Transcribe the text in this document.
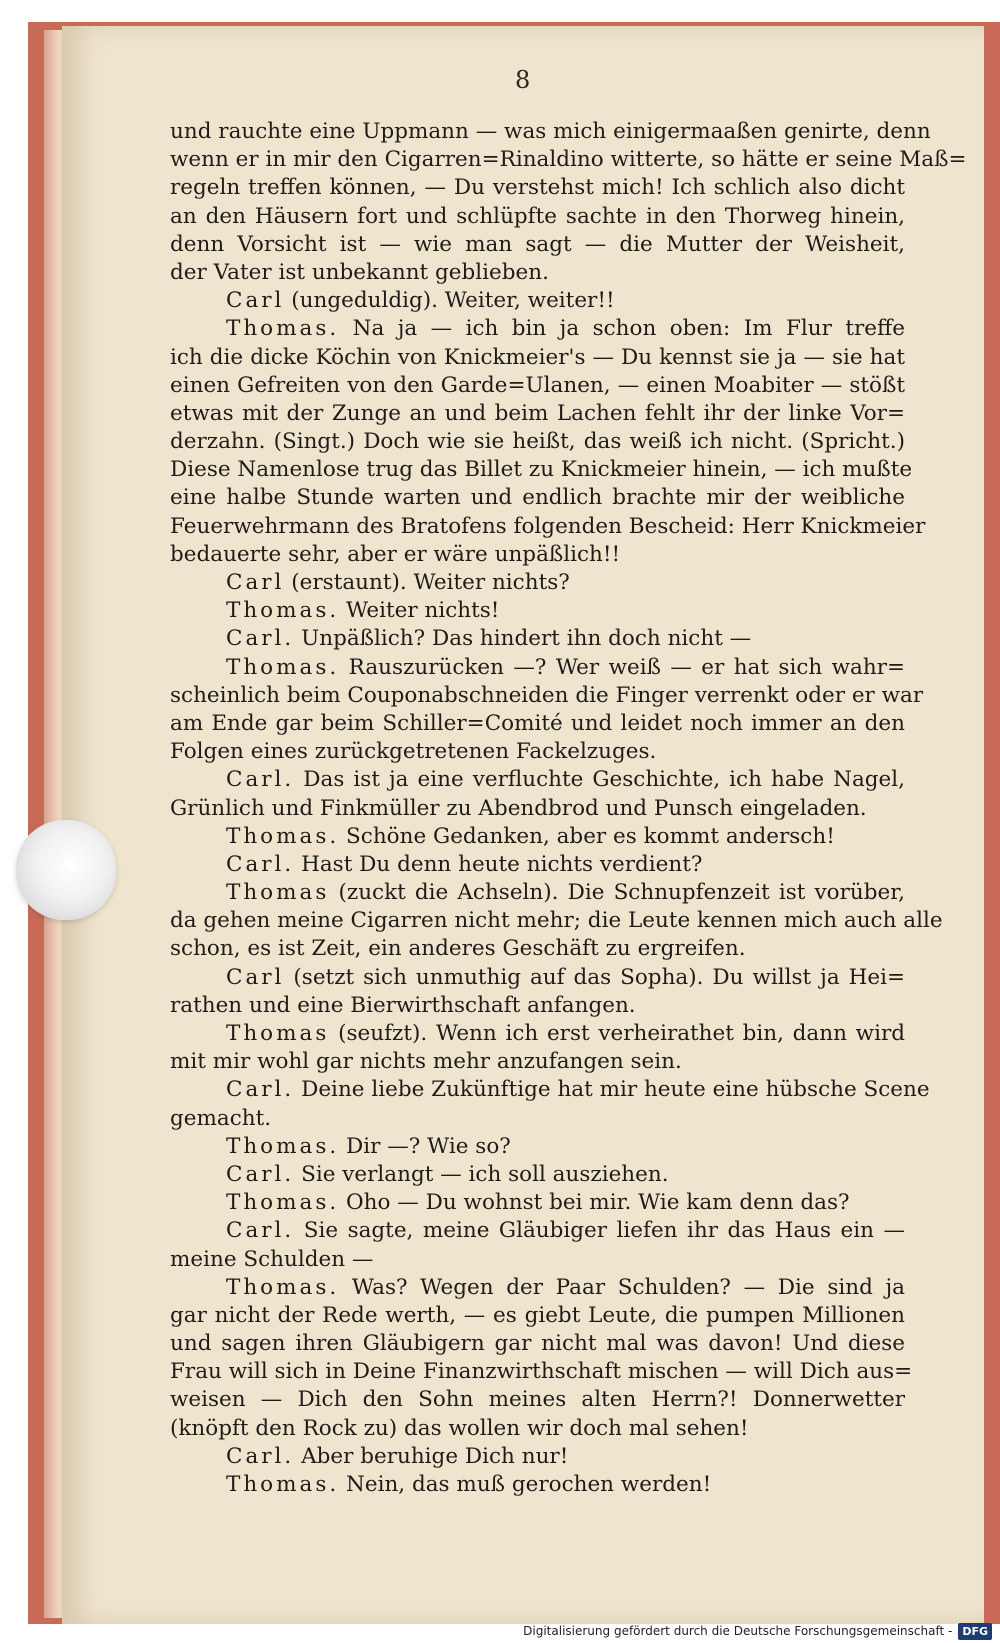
8
und rauchte eine Uppmann — was mich einigermaaßen genirte, denn
wenn er in mir den Cigarren=Rinaldino witterte, so hätte er seine Maß=
regeln treffen können, — Du verstehst mich! Ich schlich also dicht
an den Häusern fort und schlüpfte sachte in den Thorweg hinein,
denn Vorsicht ist — wie man sagt — die Mutter der Weisheit,
der Vater ist unbekannt geblieben.
Carl (ungeduldig). Weiter, weiter!!
Thomas. Na ja — ich bin ja schon oben: Im Flur treffe
ich die dicke Köchin von Knickmeier's — Du kennst sie ja — sie hat
einen Gefreiten von den Garde=Ulanen, — einen Moabiter — stößt
etwas mit der Zunge an und beim Lachen fehlt ihr der linke Vor=
derzahn. (Singt.) Doch wie sie heißt, das weiß ich nicht. (Spricht.)
Diese Namenlose trug das Billet zu Knickmeier hinein, — ich mußte
eine halbe Stunde warten und endlich brachte mir der weibliche
Feuerwehrmann des Bratofens folgenden Bescheid: Herr Knickmeier
bedauerte sehr, aber er wäre unpäßlich!!
Carl (erstaunt). Weiter nichts?
Thomas. Weiter nichts!
Carl. Unpäßlich? Das hindert ihn doch nicht —
Thomas. Rauszurücken —? Wer weiß — er hat sich wahr=
scheinlich beim Couponabschneiden die Finger verrenkt oder er war
am Ende gar beim Schiller=Comité und leidet noch immer an den
Folgen eines zurückgetretenen Fackelzuges.
Carl. Das ist ja eine verfluchte Geschichte, ich habe Nagel,
Grünlich und Finkmüller zu Abendbrod und Punsch eingeladen.
Thomas. Schöne Gedanken, aber es kommt andersch!
Carl. Hast Du denn heute nichts verdient?
Thomas (zuckt die Achseln). Die Schnupfenzeit ist vorüber,
da gehen meine Cigarren nicht mehr; die Leute kennen mich auch alle
schon, es ist Zeit, ein anderes Geschäft zu ergreifen.
Carl (setzt sich unmuthig auf das Sopha). Du willst ja Hei=
rathen und eine Bierwirthschaft anfangen.
Thomas (seufzt). Wenn ich erst verheirathet bin, dann wird
mit mir wohl gar nichts mehr anzufangen sein.
Carl. Deine liebe Zukünftige hat mir heute eine hübsche Scene
gemacht.
Thomas. Dir —? Wie so?
Carl. Sie verlangt — ich soll ausziehen.
Thomas. Oho — Du wohnst bei mir. Wie kam denn das?
Carl. Sie sagte, meine Gläubiger liefen ihr das Haus ein —
meine Schulden —
Thomas. Was? Wegen der Paar Schulden? — Die sind ja
gar nicht der Rede werth, — es giebt Leute, die pumpen Millionen
und sagen ihren Gläubigern gar nicht mal was davon! Und diese
Frau will sich in Deine Finanzwirthschaft mischen — will Dich aus=
weisen — Dich den Sohn meines alten Herrn?! Donnerwetter
(knöpft den Rock zu) das wollen wir doch mal sehen!
Carl. Aber beruhige Dich nur!
Thomas. Nein, das muß gerochen werden!
Digitalisierung gefördert durch die Deutsche Forschungsgemeinschaft - DFG
